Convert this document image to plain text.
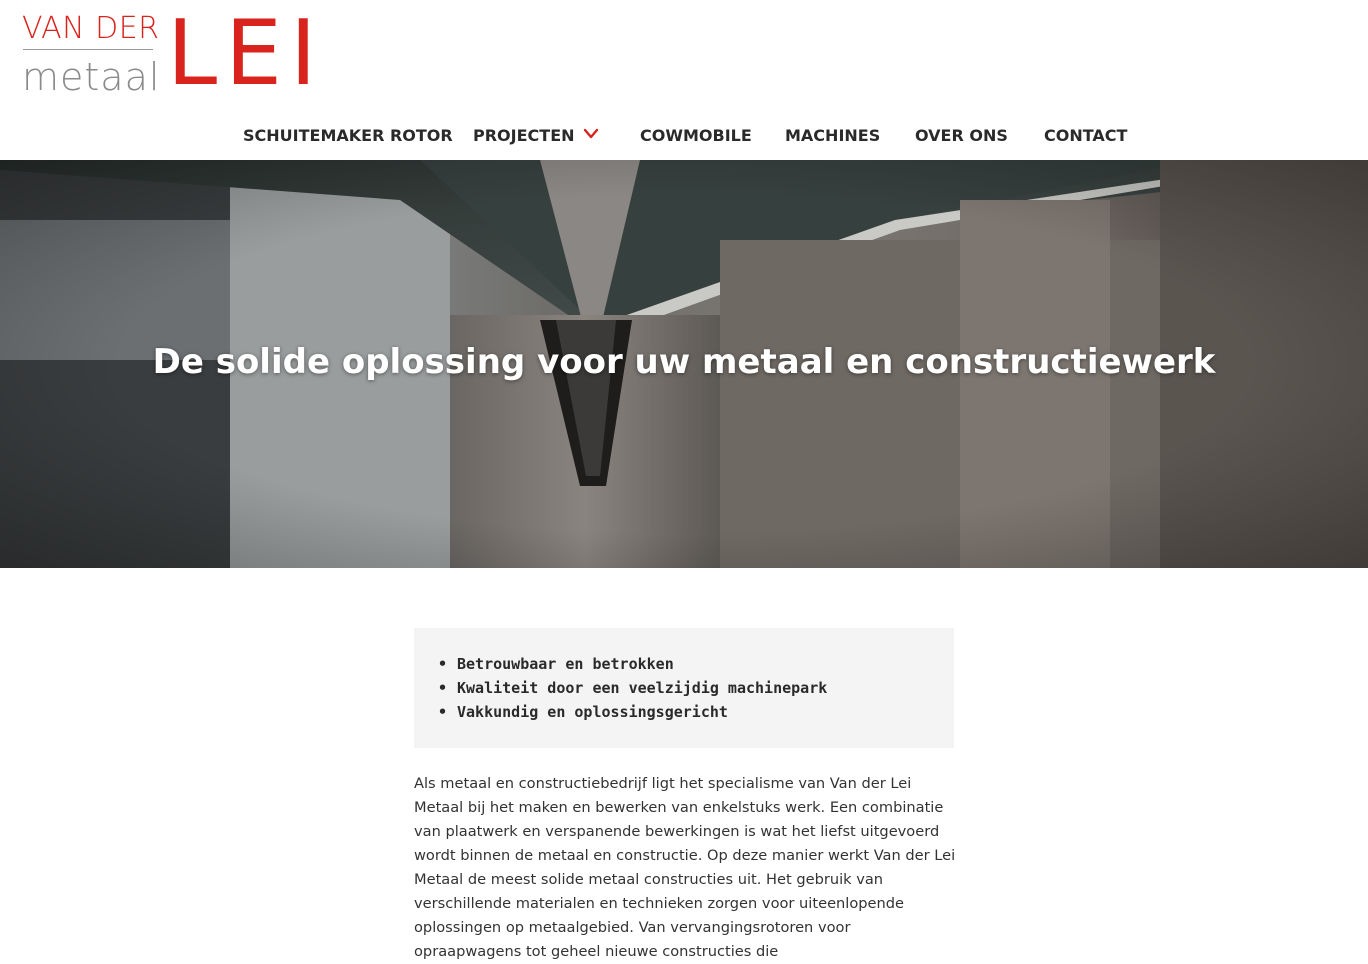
VAN DER
metaal LEI
SCHUITEMAKER ROTOR PROJECTEN	COWMOBILE MACHINES OVER ONS CONTACT
De solide oplossing voor uw metaal en constructiewerk
• Betrouwbaar en betrokken
• Kwaliteit door een veelzijdig machinepark
• Vakkundig en oplossingsgericht

Als metaal en constructiebedrijf ligt het specialisme van Van der Lei Metaal bij het maken en bewerken van enkelstuks werk. Een combinatie van plaatwerk en verspanende bewerkingen is wat het liefst uitgevoerd wordt binnen de metaal en constructie. Op deze manier werkt Van der Lei Metaal de meest solide metaal constructies uit. Het gebruik van verschillende materialen en technieken zorgen voor uiteenlopende oplossingen op metaalgebied. Van vervangingsrotoren voor opraapwagens tot geheel nieuwe constructies die
